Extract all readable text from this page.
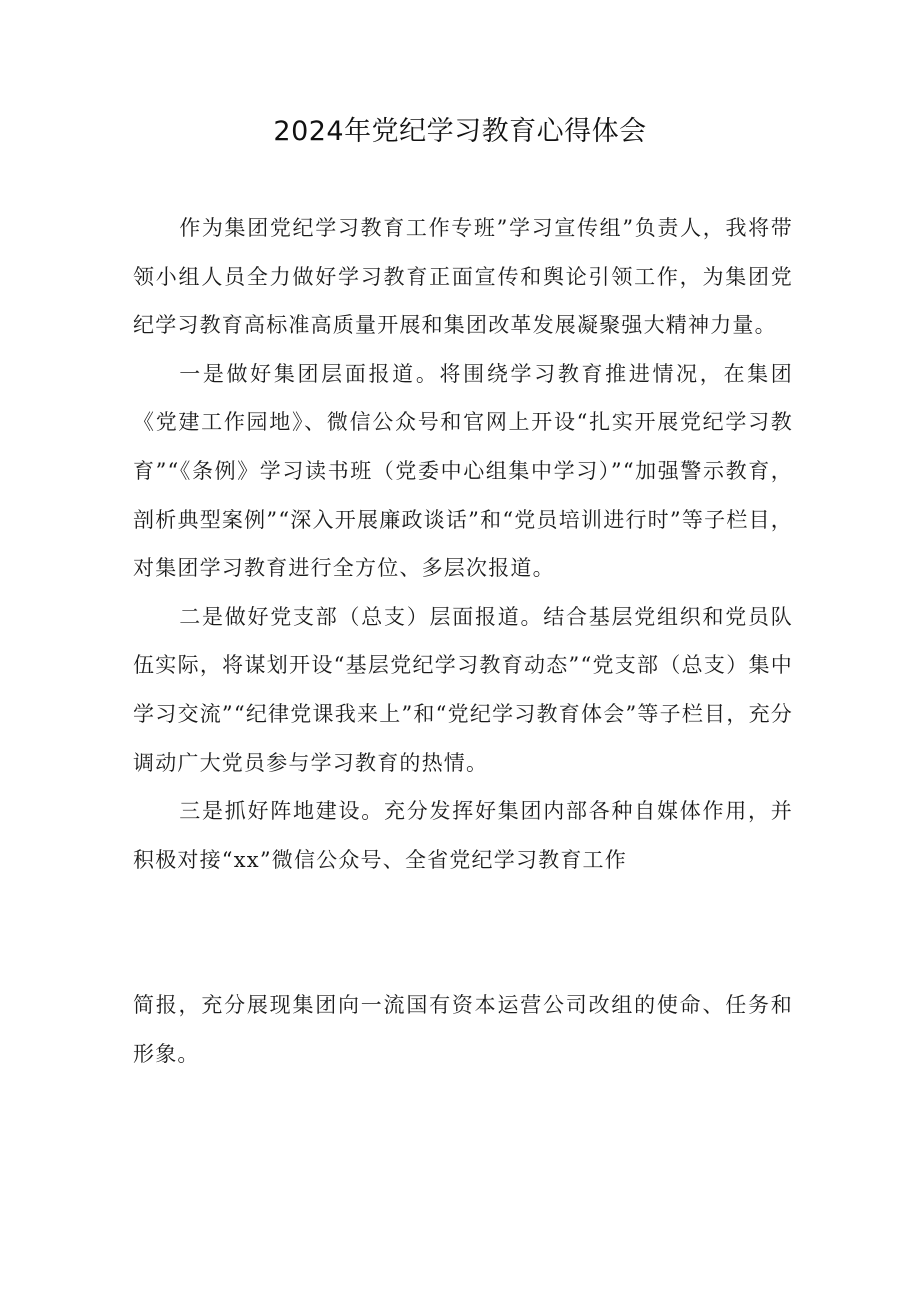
2024年党纪学习教育心得体会

作为集团党纪学习教育工作专班”学习宣传组”负责人，我将带领小组人员全力做好学习教育正面宣传和舆论引领工作，为集团党纪学习教育高标准高质量开展和集团改革发展凝聚强大精神力量。

一是做好集团层面报道。将围绕学习教育推进情况，在集团《党建工作园地》、微信公众号和官网上开设“扎实开展党纪学习教育”“《条例》学习读书班（党委中心组集中学习）”“加强警示教育，剖析典型案例”“深入开展廉政谈话”和“党员培训进行时”等子栏目，对集团学习教育进行全方位、多层次报道。

二是做好党支部（总支）层面报道。结合基层党组织和党员队伍实际，将谋划开设“基层党纪学习教育动态”“党支部（总支）集中学习交流”“纪律党课我来上”和“党纪学习教育体会”等子栏目，充分调动广大党员参与学习教育的热情。

三是抓好阵地建设。充分发挥好集团内部各种自媒体作用，并积极对接“xx”微信公众号、全省党纪学习教育工作

简报，充分展现集团向一流国有资本运营公司改组的使命、任务和形象。
